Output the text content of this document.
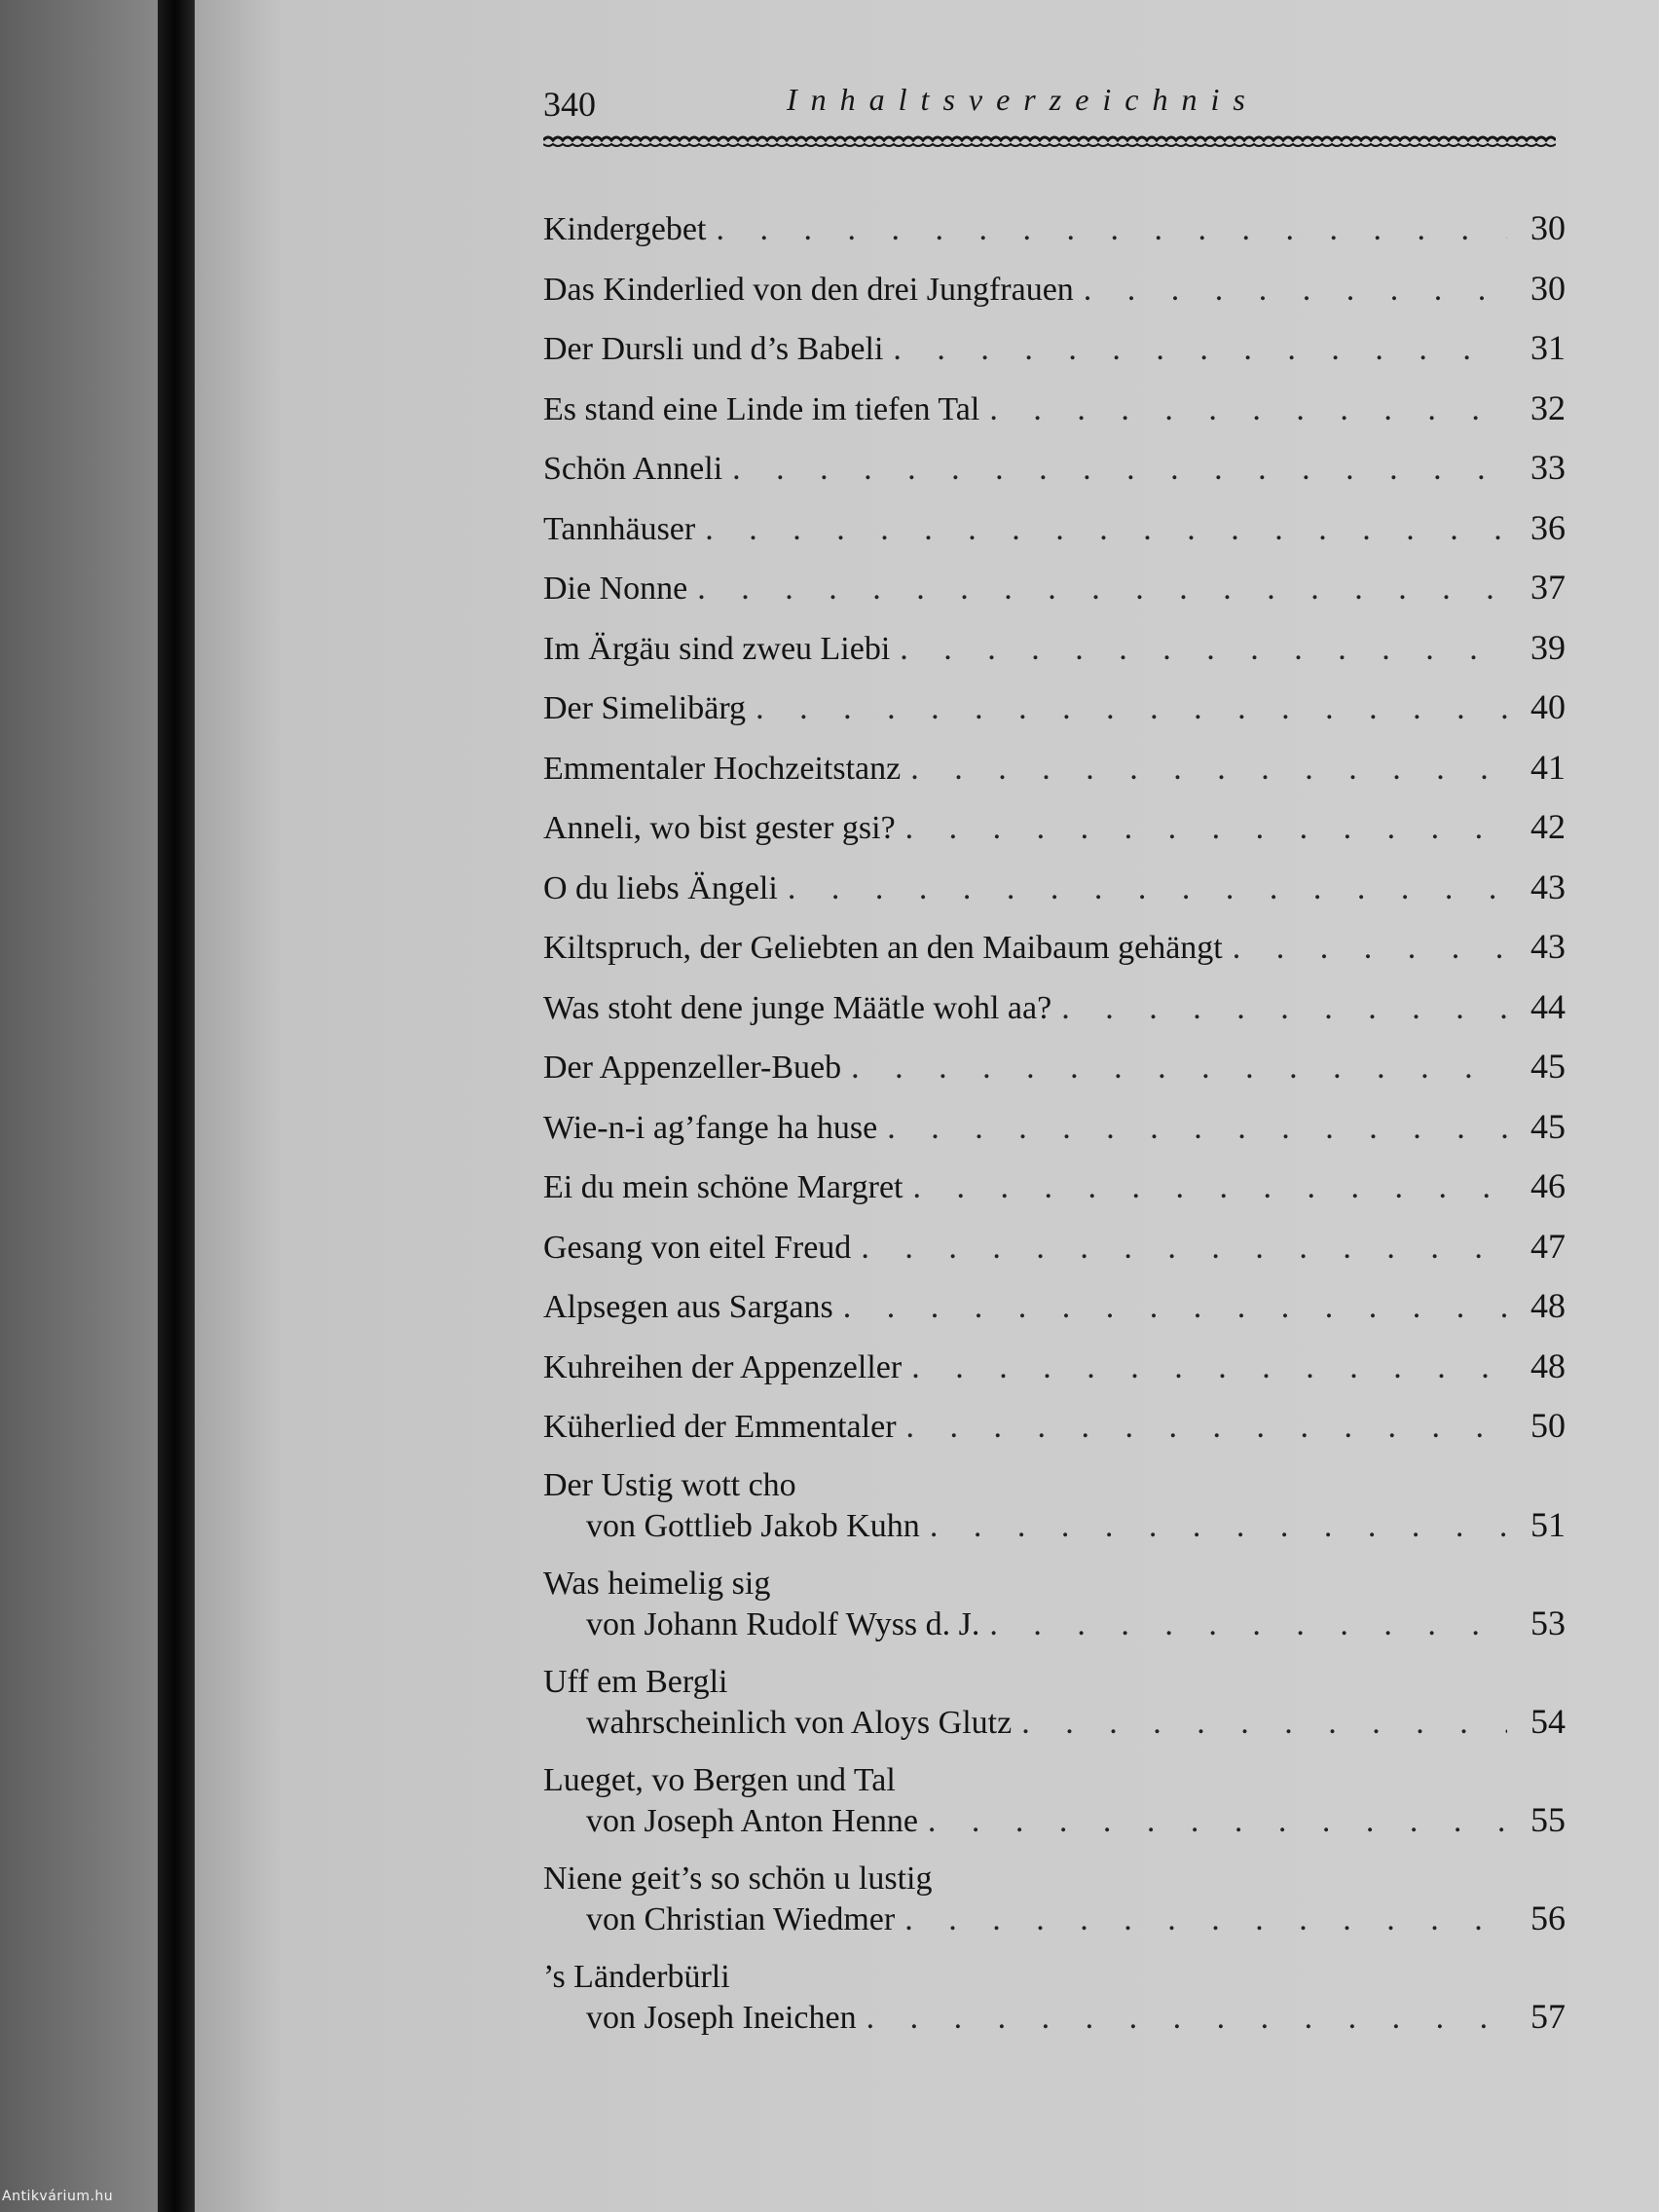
340	Inhaltsverzeichnis
Kindergebet . . .	30
Das Kinderlied von den drei Jungfrauen . . .	30
Der Dursli und d’s Babeli . . .	31
Es stand eine Linde im tiefen Tal . . .	32
Schön Anneli . . .	33
Tannhäuser . . .	36
Die Nonne . . .	37
Im Ärgäu sind zweu Liebi . . .	39
Der Simelibärg . . .	40
Emmentaler Hochzeitstanz . . .	41
Anneli, wo bist gester gsi? . . .	42
O du liebs Ängeli . . .	43
Kiltspruch, der Geliebten an den Maibaum gehängt . . .	43
Was stoht dene junge Määtle wohl aa? . . .	44
Der Appenzeller-Bueb . . .	45
Wie-n-i ag’fange ha huse . . .	45
Ei du mein schöne Margret . . .	46
Gesang von eitel Freud . . .	47
Alpsegen aus Sargans . . .	48
Kuhreihen der Appenzeller . . .	48
Küherlied der Emmentaler . . .	50
Der Ustig wott cho
von Gottlieb Jakob Kuhn . . .	51
Was heimelig sig
von Johann Rudolf Wyss d. J. . . .	53
Uff em Bergli
wahrscheinlich von Aloys Glutz . . .	54
Lueget, vo Bergen und Tal
von Joseph Anton Henne . . .	55
Niene geit’s so schön u lustig
von Christian Wiedmer . . .	56
’s Länderbürli
von Joseph Ineichen . . .	57
Antikvárium.hu
